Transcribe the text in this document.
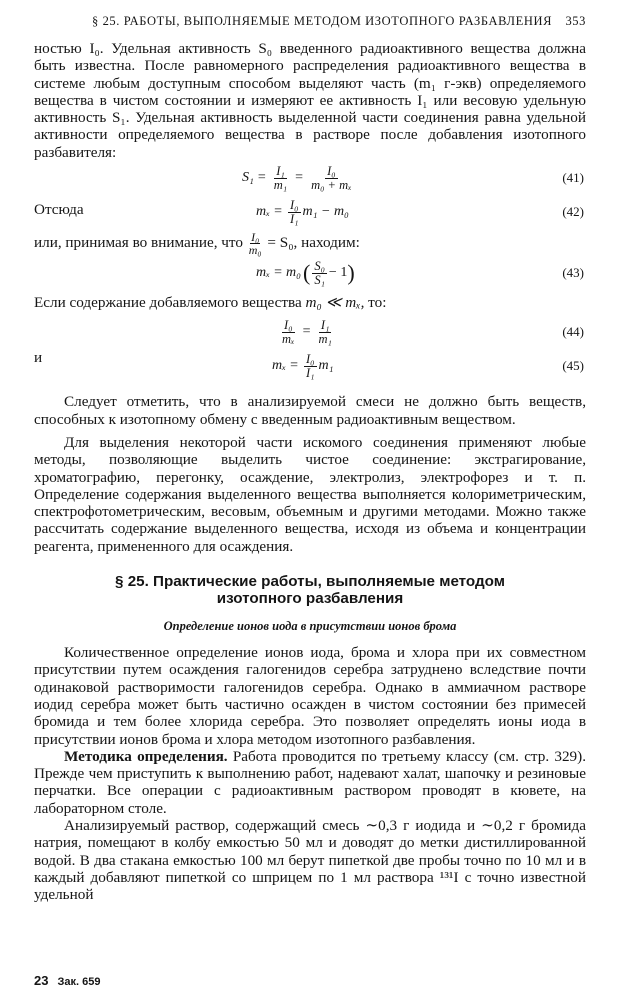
§ 25. РАБОТЫ, ВЫПОЛНЯЕМЫЕ МЕТОДОМ ИЗОТОПНОГО РАЗБАВЛЕНИЯ 353

ностью I₀. Удельная активность S₀ введенного радиоактивного вещества должна быть известна. После равномерного распределения радиоактивного вещества в системе любым доступным способом выделяют часть (m₁ г-экв) определяемого вещества в чистом состоянии и измеряют ее активность I₁ или весовую удельную активность S₁. Удельная активность выделенной части соединения равна удельной активности определяемого вещества в растворе после добавления изотопного разбавителя:

$S_1 = \frac{\text{I₁}}{\text{m₁}} = \frac{\text{I₀}}{\text{m₀ + mₓ}}$	(41)
Отсюда	$m_x = \frac{\text{I₀}}{\text{I₁}} m_1 - m_0$	(42)

или, принимая во внимание, что $\frac{\text{I₀}}{\text{m₀}} = S_0$, находим:

mₓ = m₀ ( $\frac{\text{S₀}}{\text{S₁}} - 1$ )	(43)

Если содержание добавляемого вещества m₀ ≪ mₓ, то:

$\frac{\text{I₀}}{\text{mₓ}} = \frac{\text{I₁}}{\text{m₁}}$	(44)
и	$m_x = \frac{\text{I₀}}{\text{I₁}} m_1$	(45)

Следует отметить, что в анализируемой смеси не должно быть веществ, способных к изотопному обмену с введенным радиоактивным веществом.

Для выделения некоторой части искомого соединения применяют любые методы, позволяющие выделить чистое соединение: экстрагирование, хроматографию, перегонку, осаждение, электролиз, электрофорез и т. п. Определение содержания выделенного вещества выполняется колориметрическим, спектрофотометрическим, весовым, объемным и другими методами. Можно также рассчитать содержание выделенного вещества, исходя из объема и концентрации реагента, примененного для осаждения.

§ 25. Практические работы, выполняемые методом
изотопного разбавления
Определение ионов иода в присутствии ионов брома

Количественное определение ионов иода, брома и хлора при их совместном присутствии путем осаждения галогенидов серебра затруднено вследствие почти одинаковой растворимости галогенидов серебра. Однако в аммиачном растворе иодид серебра может быть частично осажден в чистом состоянии без примесей бромида и тем более хлорида серебра. Это позволяет определять ионы иода в присутствии ионов брома и хлора методом изотопного разбавления.

Методика определения. Работа проводится по третьему классу (см. стр. 329). Прежде чем приступить к выполнению работ, надевают халат, шапочку и резиновые перчатки. Все операции с радиоактивным раствором проводят в кювете, на лабораторном столе.

Анализируемый раствор, содержащий смесь ∼0,3 г иодида и ∼0,2 г бромида натрия, помещают в колбу емкостью 50 мл и доводят до метки дистиллированной водой. В два стакана емкостью 100 мл берут пипеткой две пробы точно по 10 мл и в каждый добавляют пипеткой со шприцем по 1 мл раствора ¹³¹I с точно известной удельной

23 Зак. 659
